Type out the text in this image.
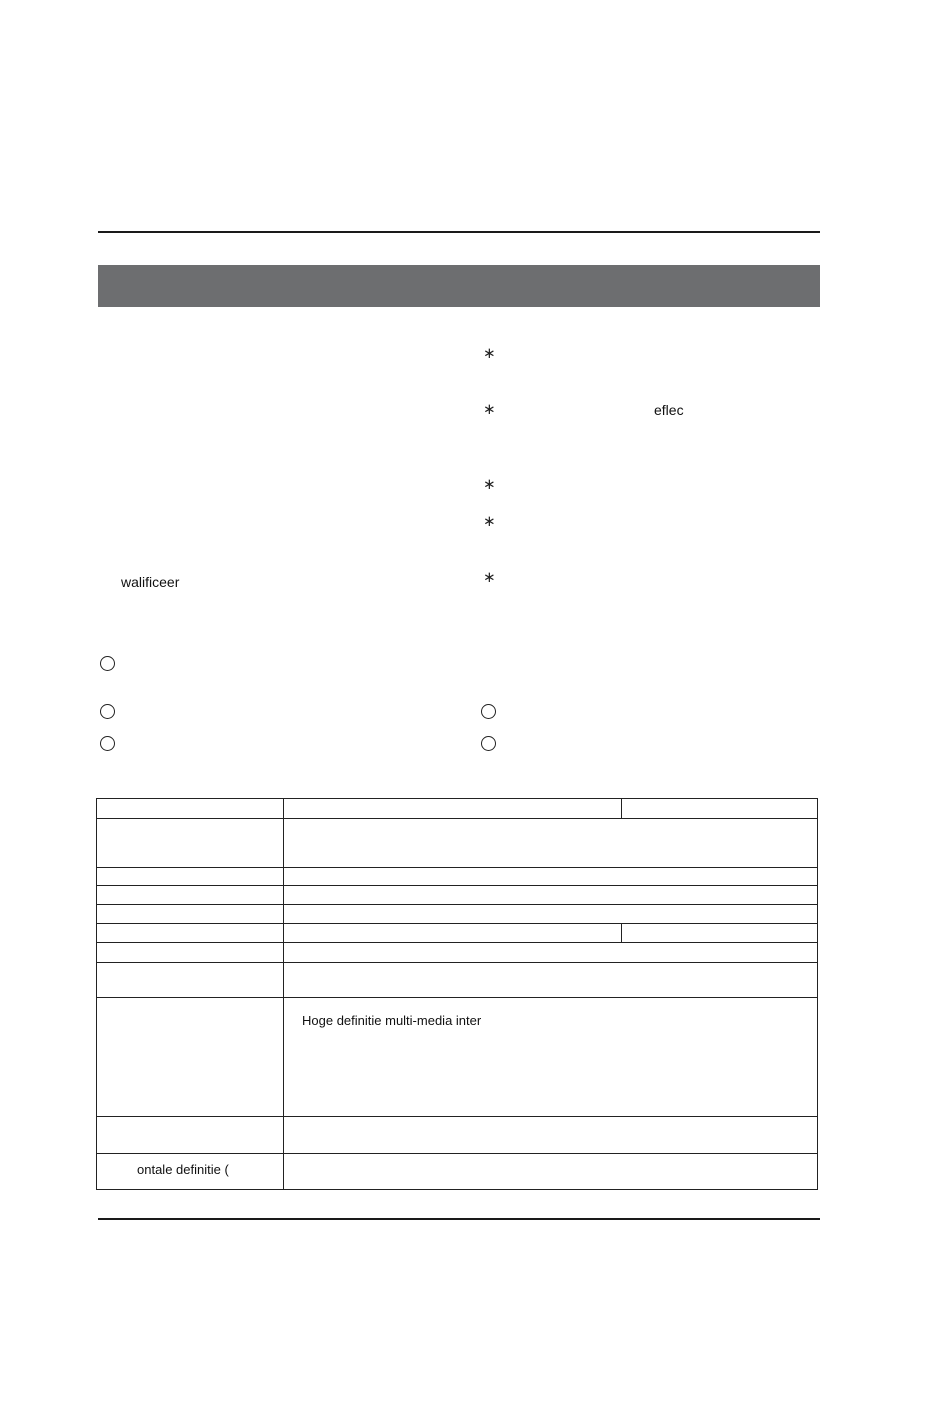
walificeer
∗
∗	eflec
∗
∗
∗
Hoge definitie multi-media inter
ontale definitie (
